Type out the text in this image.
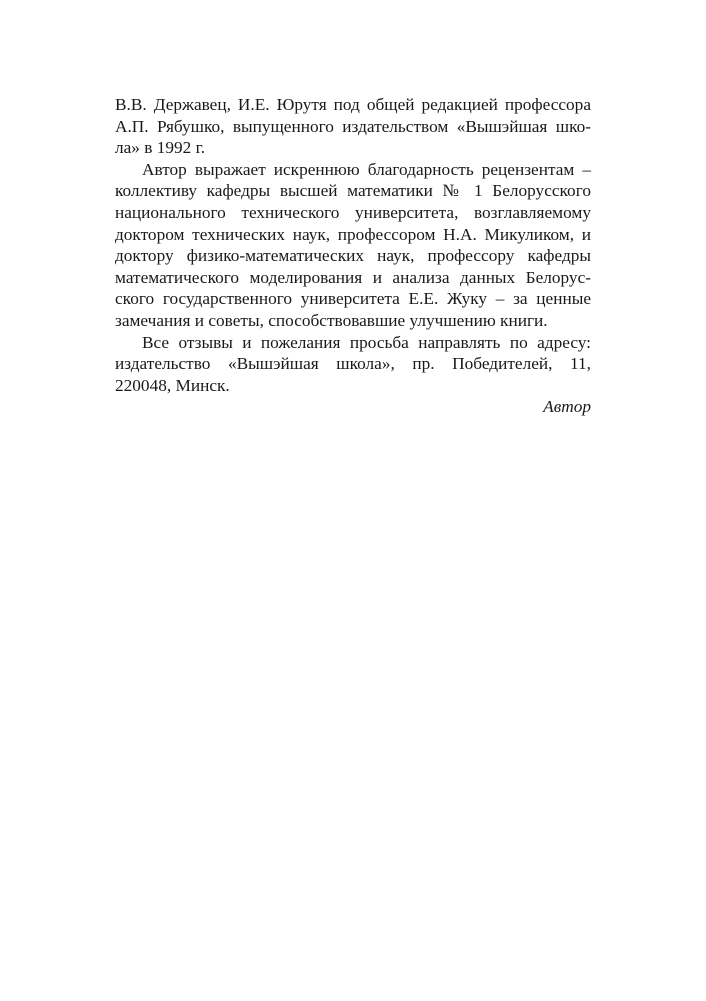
В.В. Державец, И.Е. Юрутя под общей редакцией профессора
А.П. Рябушко, выпущенного издательством «Вышэйшая шко-
ла» в 1992 г.

Автор выражает искреннюю благодарность рецензентам –
коллективу кафедры высшей математики № 1 Белорусского
национального технического университета, возглавляемому
доктором технических наук, профессором Н.А. Микуликом, и
доктору физико-математических наук, профессору кафедры
математического моделирования и анализа данных Белорус-
ского государственного университета Е.Е. Жуку – за ценные
замечания и советы, способствовавшие улучшению книги.

Все отзывы и пожелания просьба направлять по адресу:
издательство «Вышэйшая школа», пр. Победителей, 11,
220048, Минск.

Автор
